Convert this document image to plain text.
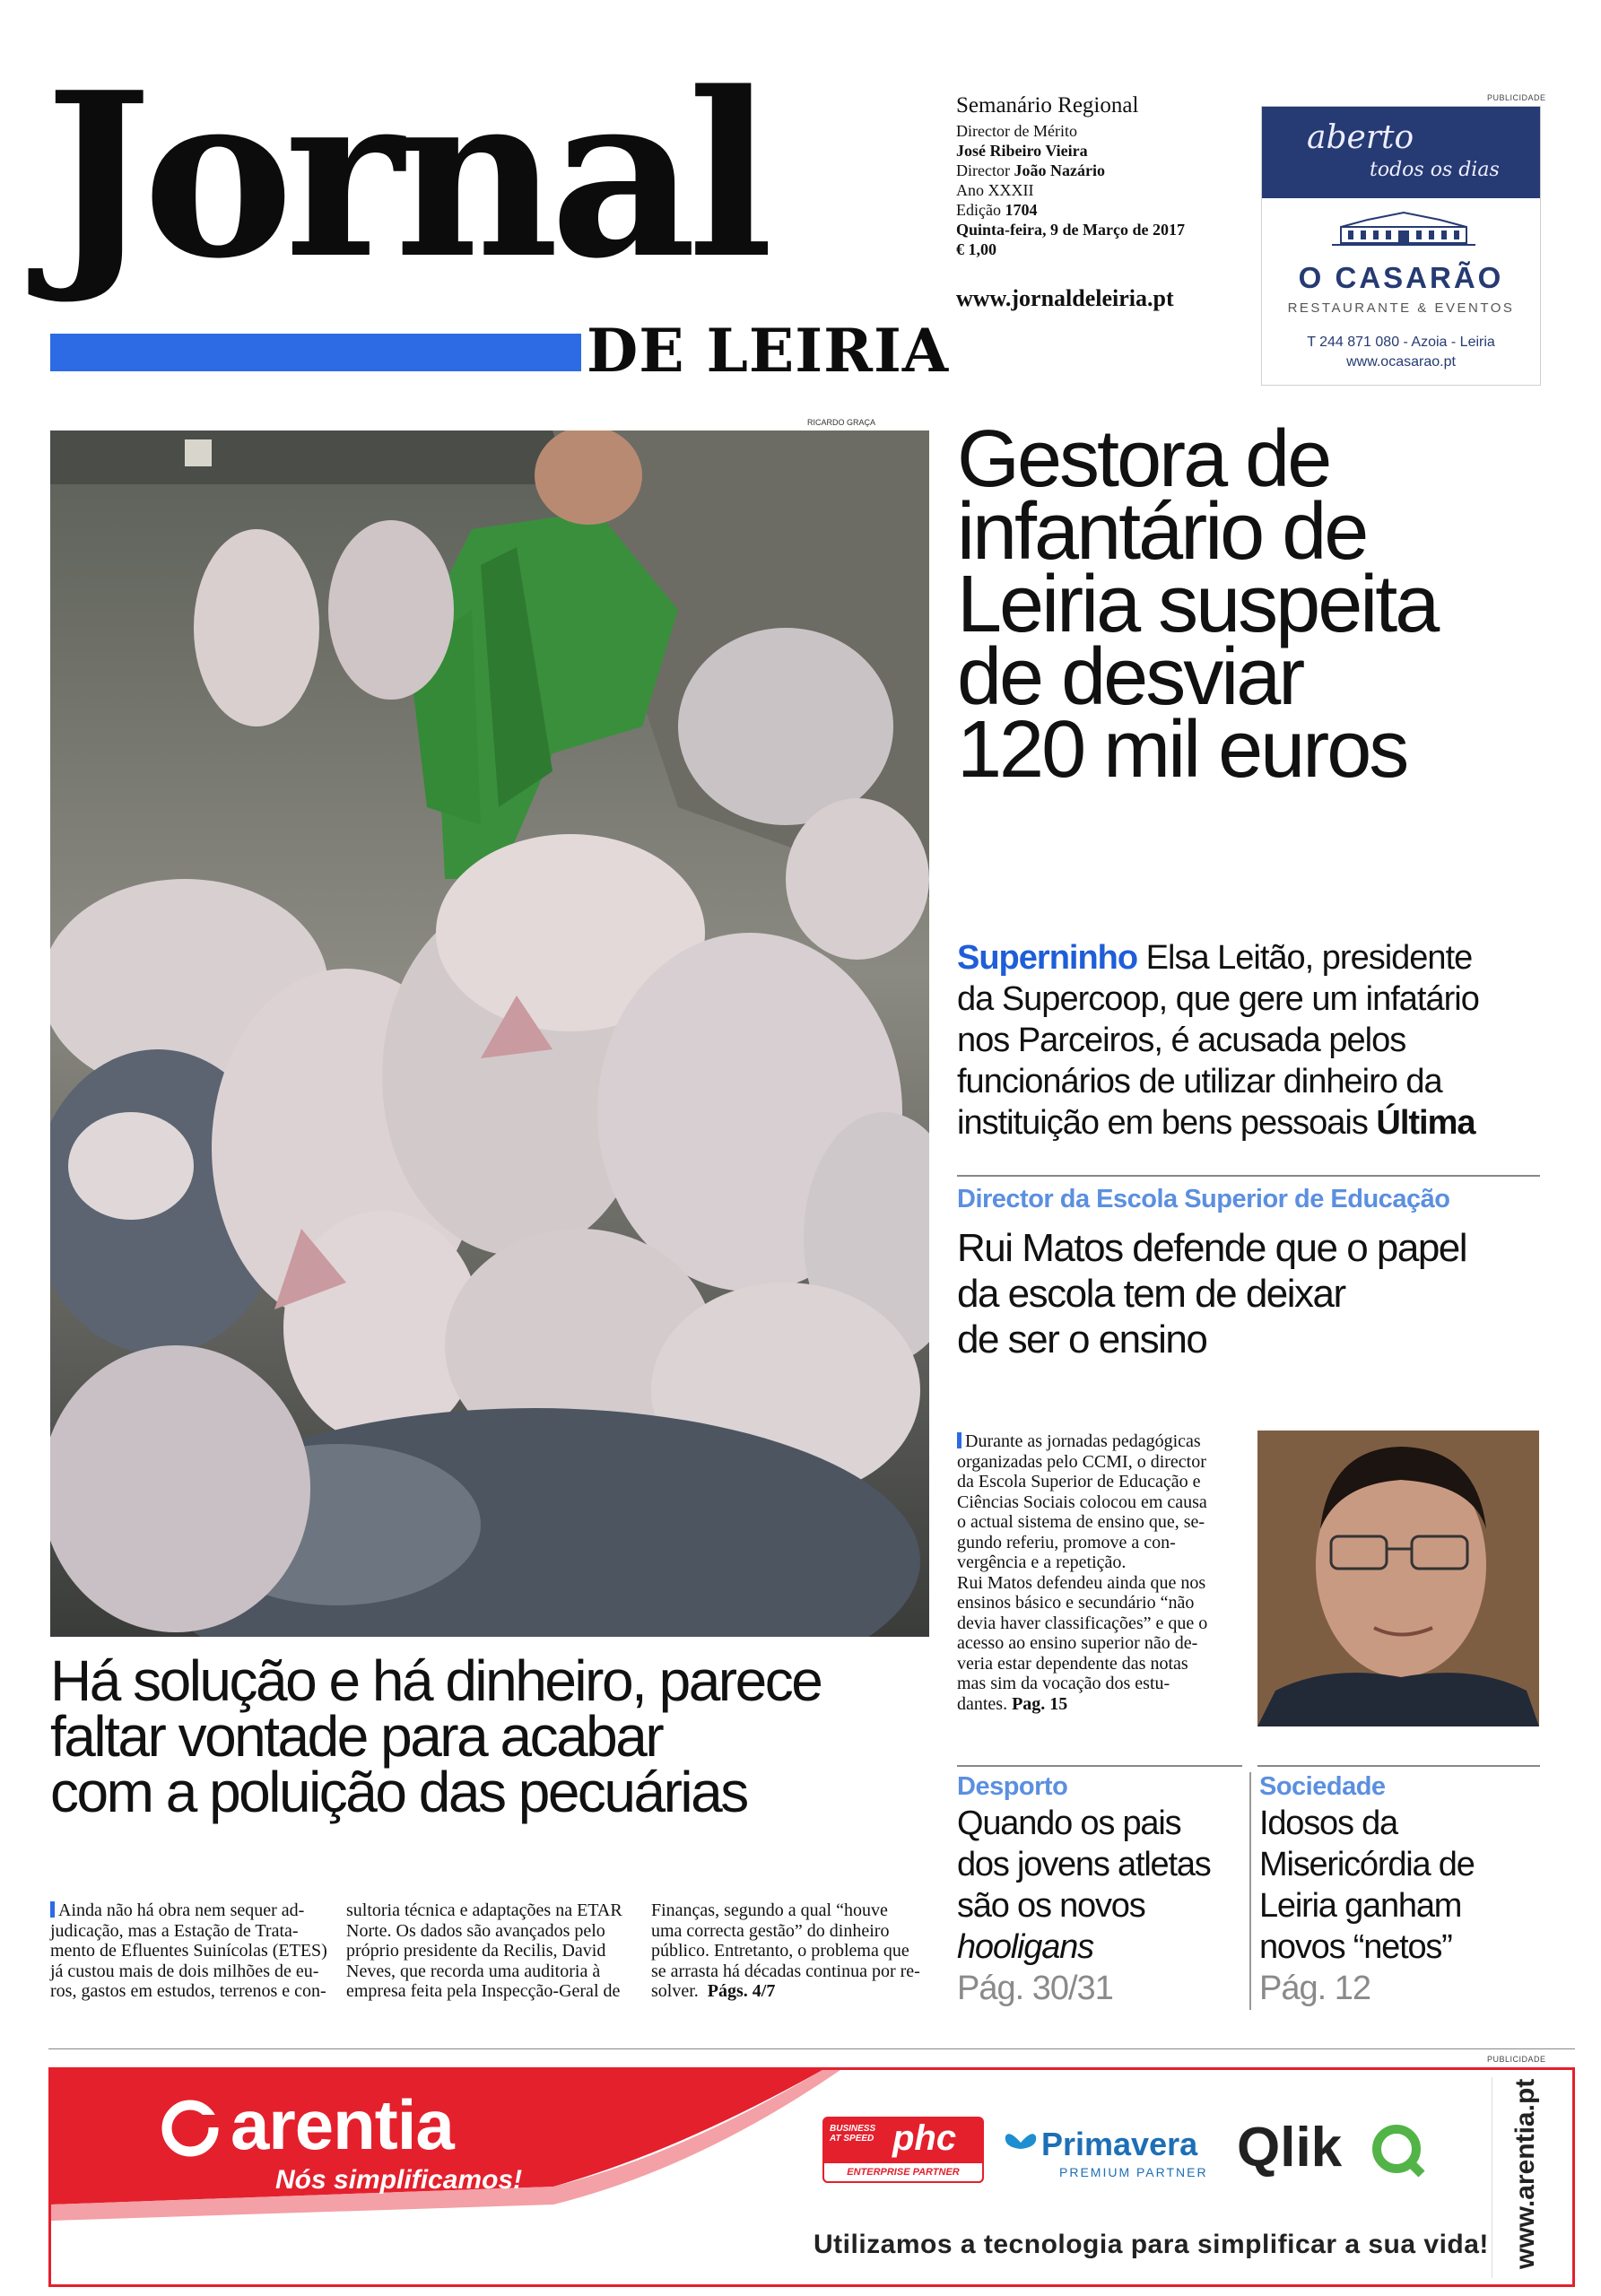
Jornal
DE LEIRIA
Semanário Regional
Director de Mérito
José Ribeiro Vieira
Director João Nazário
Ano XXXII
Edição 1704
Quinta-feira, 9 de Março de 2017
€ 1,00
www.jornaldeleiria.pt
PUBLICIDADE
aberto
todos os dias
O CASARÃO
RESTAURANTE & EVENTOS
T 244 871 080 - Azoia - Leiria
www.ocasarao.pt
RICARDO GRAÇA Gestora de
infantário de
Leiria suspeita
de desviar
120 mil euros
Superninho Elsa Leitão, presidente
da Supercoop, que gere um infatário
nos Parceiros, é acusada pelos
funcionários de utilizar dinheiro da
instituição em bens pessoais Última
Director da Escola Superior de Educação
Rui Matos defende que o papel
da escola tem de deixar
de ser o ensino
Durante as jornadas pedagógicas
organizadas pelo CCMI, o director
da Escola Superior de Educação e
Ciências Sociais colocou em causa
o actual sistema de ensino que, se-
gundo referiu, promove a con-
vergência e a repetição.
Rui Matos defendeu ainda que nos
ensinos básico e secundário “não
devia haver classificações” e que o
acesso ao ensino superior não de-
veria estar dependente das notas
mas sim da vocação dos estu-
dantes. Pag. 15
Há solução e há dinheiro, parece
faltar vontade para acabar
com a poluição das pecuárias
Ainda não há obra nem sequer ad-
judicação, mas a Estação de Trata-
mento de Efluentes Suinícolas (ETES)
já custou mais de dois milhões de eu-
ros, gastos em estudos, terrenos e con-
sultoria técnica e adaptações na ETAR
Norte. Os dados são avançados pelo
próprio presidente da Recilis, David
Neves, que recorda uma auditoria à
empresa feita pela Inspecção-Geral de
Finanças, segundo a qual “houve
uma correcta gestão” do dinheiro
público. Entretanto, o problema que
se arrasta há décadas continua por re-
solver. Págs. 4/7
Desporto
Quando os pais
dos jovens atletas
são os novos
hooligans
Pág. 30/31
Sociedade
Idosos da
Misericórdia de
Leiria ganham
novos “netos”
Pág. 12
PUBLICIDADE
arentia
Nós simplificamos!
BUSINESS AT SPEED phc
ENTERPRISE PARTNER
Primavera
PREMIUM PARTNER Qlik
Utilizamos a tecnologia para simplificar a sua vida! www.arentia.pt
